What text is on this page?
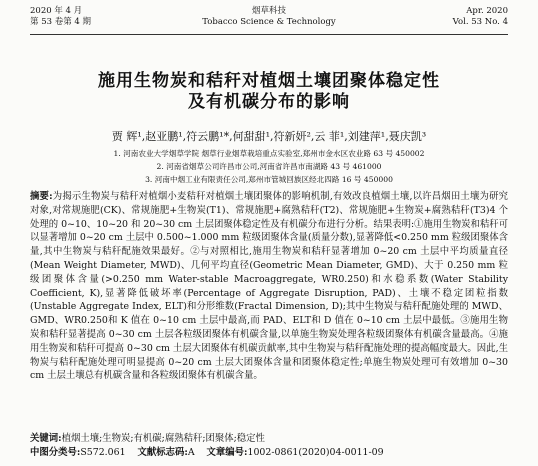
2020 年 4 月
第 53 卷第 4 期
烟草科技
Tobacco Science & Technology
Apr. 2020
Vol. 53 No. 4
施用生物炭和秸秆对植烟土壤团聚体稳定性
及有机碳分布的影响
贾 辉¹,赵亚鹏¹,符云鹏¹*,何甜甜¹,符新妍²,云 菲¹,刘建萍¹,聂庆凯³
1. 河南农业大学烟草学院 烟草行业烟草栽培重点实验室,郑州市金水区农业路 63 号 450002
2. 河南省烟草公司许昌市公司,河南省许昌市南湖路 43 号 461000
3. 河南中烟工业有限责任公司,郑州市管城回族区经北四路 16 号 450000
摘要:为揭示生物炭与秸秆对植烟小麦秸秆对植烟土壤团聚体的影响机制,有效改良植烟土壤,以许昌烟田土壤为研究对象,对常规施肥(CK)、常规施肥+生物炭(T1)、常规施肥+腐熟秸秆(T2)、常规施肥+生物炭+腐熟秸秆(T3)4 个处理的 0~10、10~20 和 20~30 cm 土层团聚体稳定性及有机碳分布进行分析。结果表明:①施用生物炭和秸秆可以显著增加 0~20 cm 土层中 0.500~1.000 mm 粒级团聚体含量(质量分数),显著降低<0.250 mm 粒级团聚体含量,其中生物炭与秸秆配施效果最好。②与对照相比,施用生物炭和秸秆显著增加 0~20 cm 土层中平均质量直径(Mean Weight Diameter, MWD)、几何平均直径(Geometric Mean Diameter, GMD)、大于 0.250 mm 粒级团聚体含量(>0.250 mm Water-stable Macroaggregate, WR0.250)和水稳系数(Water Stability Coefficient, K),显著降低破坏率(Percentage of Aggregate Disruption, PAD)、土壤不稳定团粒指数(Unstable Aggregate Index, ELT)和分形维数(Fractal Dimension, D);其中生物炭与秸秆配施处理的 MWD、GMD、WR0.250和 K 值在 0~10 cm 土层中最高,而 PAD、ELT和 D 值在 0~10 cm 土层中最低。③施用生物炭和秸秆显著提高 0~30 cm 土层各粒级团聚体有机碳含量,以单施生物炭处理各粒级团聚体有机碳含量最高。④施用生物炭和秸秆可提高 0~30 cm 土层大团聚体有机碳贡献率,其中生物炭与秸秆配施处理的提高幅度最大。因此,生物炭与秸秆配施处理可明显提高 0~20 cm 土层大团聚体含量和团聚体稳定性;单施生物炭处理可有效增加 0~30 cm 土层土壤总有机碳含量和各粒级团聚体有机碳含量。
关键词:植烟土壤;生物炭;有机碳;腐熟秸秆;团聚体;稳定性
中图分类号:S572.061 文献标志码:A 文章编号:1002-0861(2020)04-0011-09
